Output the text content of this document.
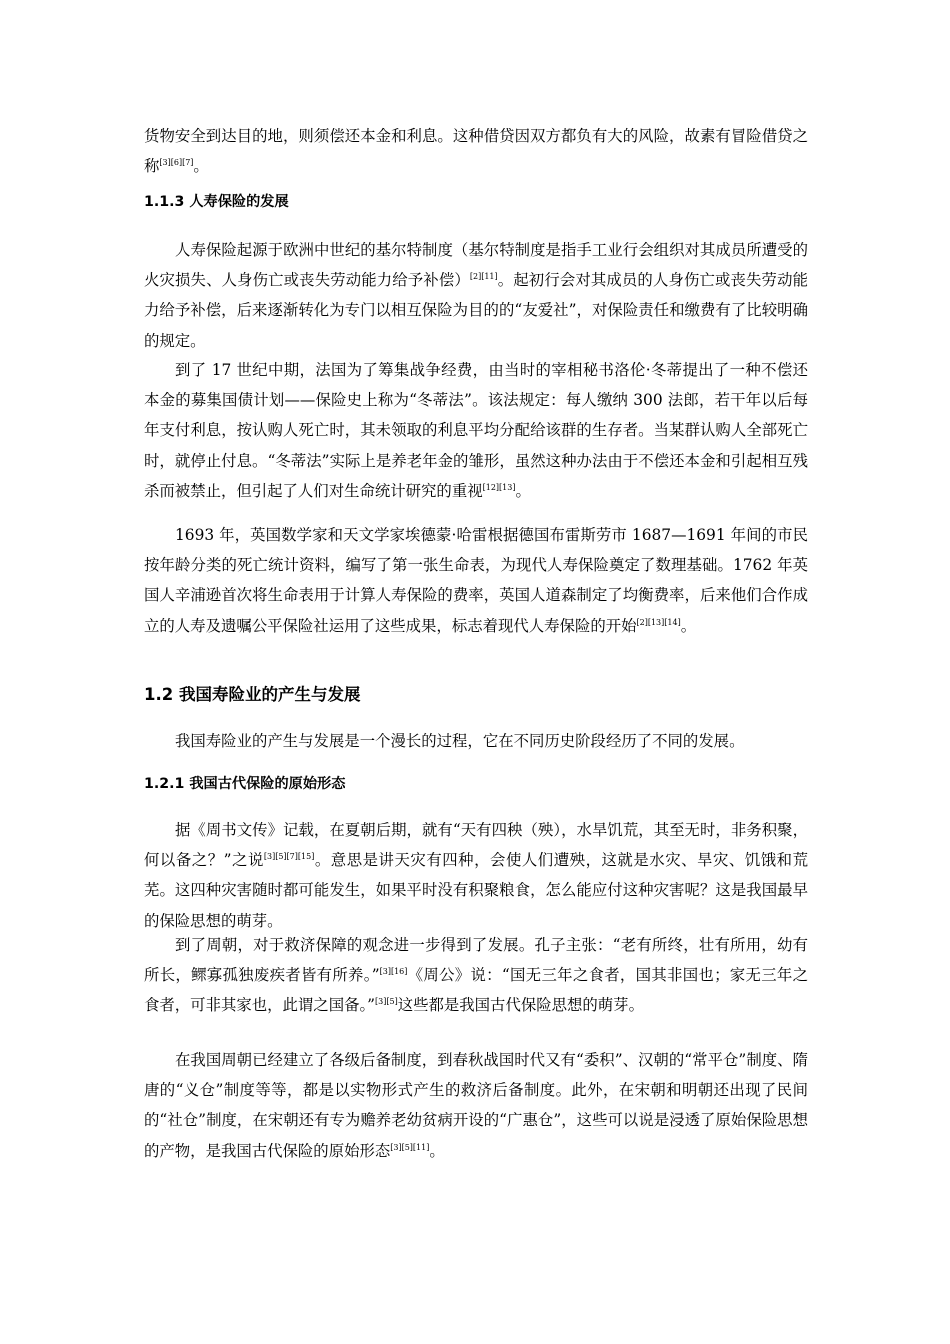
货物安全到达目的地，则须偿还本金和利息。这种借贷因双方都负有大的风险，故素有冒险借贷之称[3][6][7]。

1.1.3 人寿保险的发展

人寿保险起源于欧洲中世纪的基尔特制度（基尔特制度是指手工业行会组织对其成员所遭受的火灾损失、人身伤亡或丧失劳动能力给予补偿）[2][11]。起初行会对其成员的人身伤亡或丧失劳动能力给予补偿，后来逐渐转化为专门以相互保险为目的的“友爱社”，对保险责任和缴费有了比较明确的规定。

到了 17 世纪中期，法国为了筹集战争经费，由当时的宰相秘书洛伦·冬蒂提出了一种不偿还本金的募集国债计划——保险史上称为“冬蒂法”。该法规定：每人缴纳 300 法郎，若干年以后每年支付利息，按认购人死亡时，其未领取的利息平均分配给该群的生存者。当某群认购人全部死亡时，就停止付息。“冬蒂法”实际上是养老年金的雏形，虽然这种办法由于不偿还本金和引起相互残杀而被禁止，但引起了人们对生命统计研究的重视[12][13]。

1693 年，英国数学家和天文学家埃德蒙·哈雷根据德国布雷斯劳市 1687—1691 年间的市民按年龄分类的死亡统计资料，编写了第一张生命表，为现代人寿保险奠定了数理基础。1762 年英国人辛浦逊首次将生命表用于计算人寿保险的费率，英国人道森制定了均衡费率，后来他们合作成立的人寿及遗嘱公平保险社运用了这些成果，标志着现代人寿保险的开始[2][13][14]。

1.2 我国寿险业的产生与发展

我国寿险业的产生与发展是一个漫长的过程，它在不同历史阶段经历了不同的发展。

1.2.1 我国古代保险的原始形态

据《周书文传》记载，在夏朝后期，就有“天有四秧（殃），水旱饥荒，其至无时，非务积聚，何以备之？”之说[3][5][7][15]。意思是讲天灾有四种，会使人们遭殃，这就是水灾、旱灾、饥饿和荒芜。这四种灾害随时都可能发生，如果平时没有积聚粮食，怎么能应付这种灾害呢？这是我国最早的保险思想的萌芽。

到了周朝，对于救济保障的观念进一步得到了发展。孔子主张：“老有所终，壮有所用，幼有所长，鳏寡孤独废疾者皆有所养。”[3][16]《周公》说：“国无三年之食者，国其非国也；家无三年之食者，可非其家也，此谓之国备。”[3][5]这些都是我国古代保险思想的萌芽。

在我国周朝已经建立了各级后备制度，到春秋战国时代又有“委积”、汉朝的“常平仓”制度、隋唐的“义仓”制度等等，都是以实物形式产生的救济后备制度。此外，在宋朝和明朝还出现了民间的“社仓”制度，在宋朝还有专为赡养老幼贫病开设的“广惠仓”，这些可以说是浸透了原始保险思想的产物，是我国古代保险的原始形态[3][5][11]。
